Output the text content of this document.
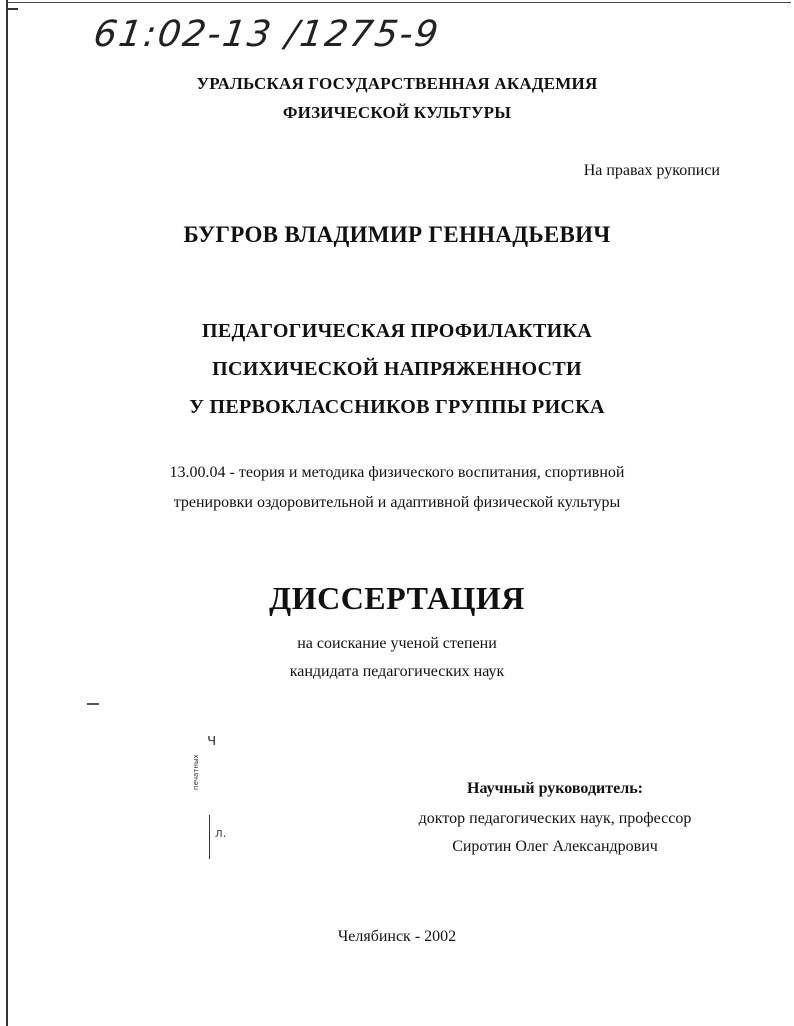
61:02-13 /1275-9
УРАЛЬСКАЯ ГОСУДАРСТВЕННАЯ АКАДЕМИЯ
ФИЗИЧЕСКОЙ КУЛЬТУРЫ
На правах рукописи
БУГРОВ ВЛАДИМИР ГЕННАДЬЕВИЧ
ПЕДАГОГИЧЕСКАЯ ПРОФИЛАКТИКА
ПСИХИЧЕСКОЙ НАПРЯЖЕННОСТИ
У ПЕРВОКЛАССНИКОВ ГРУППЫ РИСКА
13.00.04 - теория и методика физического воспитания, спортивной
тренировки оздоровительной и адаптивной физической культуры
ДИССЕРТАЦИЯ
на соискание ученой степени
кандидата педагогических наук
ч
печатных
л.
Научный руководитель:
доктор педагогических наук, профессор
Сиротин Олег Александрович
Челябинск - 2002
